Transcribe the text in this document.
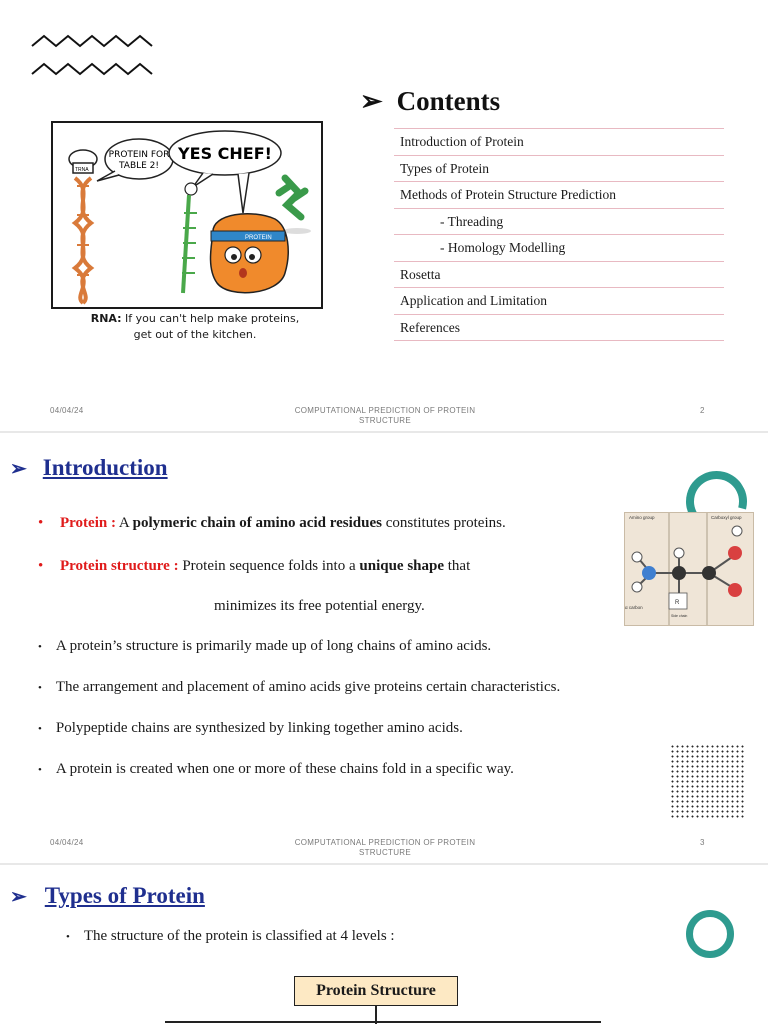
➢ Contents
Introduction of Protein
Types of Protein
Methods of Protein Structure Prediction
- Threading
- Homology Modelling
Rosetta
Application and Limitation
References
TRNA
PROTEIN FOR
TABLE 2!
YES CHEF!
PROTEIN
RNA: If you can't help make proteins,
get out of the kitchen.
04/04/24	COMPUTATIONAL PREDICTION OF PROTEIN
STRUCTURE
2
➢ Introduction
• Protein : A polymeric chain of amino acid residues constitutes proteins.
• Protein structure : Protein sequence folds into a unique shape that
minimizes its free potential energy.
• A protein’s structure is primarily made up of long chains of amino acids.
• The arrangement and placement of amino acids give proteins certain characteristics.
• Polypeptide chains are synthesized by linking together amino acids.
• A protein is created when one or more of these chains fold in a specific way.
Amino group	Carboxyl group
R
Side chain
α carbon
04/04/24	COMPUTATIONAL PREDICTION OF PROTEIN
STRUCTURE
3
➢ Types of Protein
• The structure of the protein is classified at 4 levels :
Protein Structure
